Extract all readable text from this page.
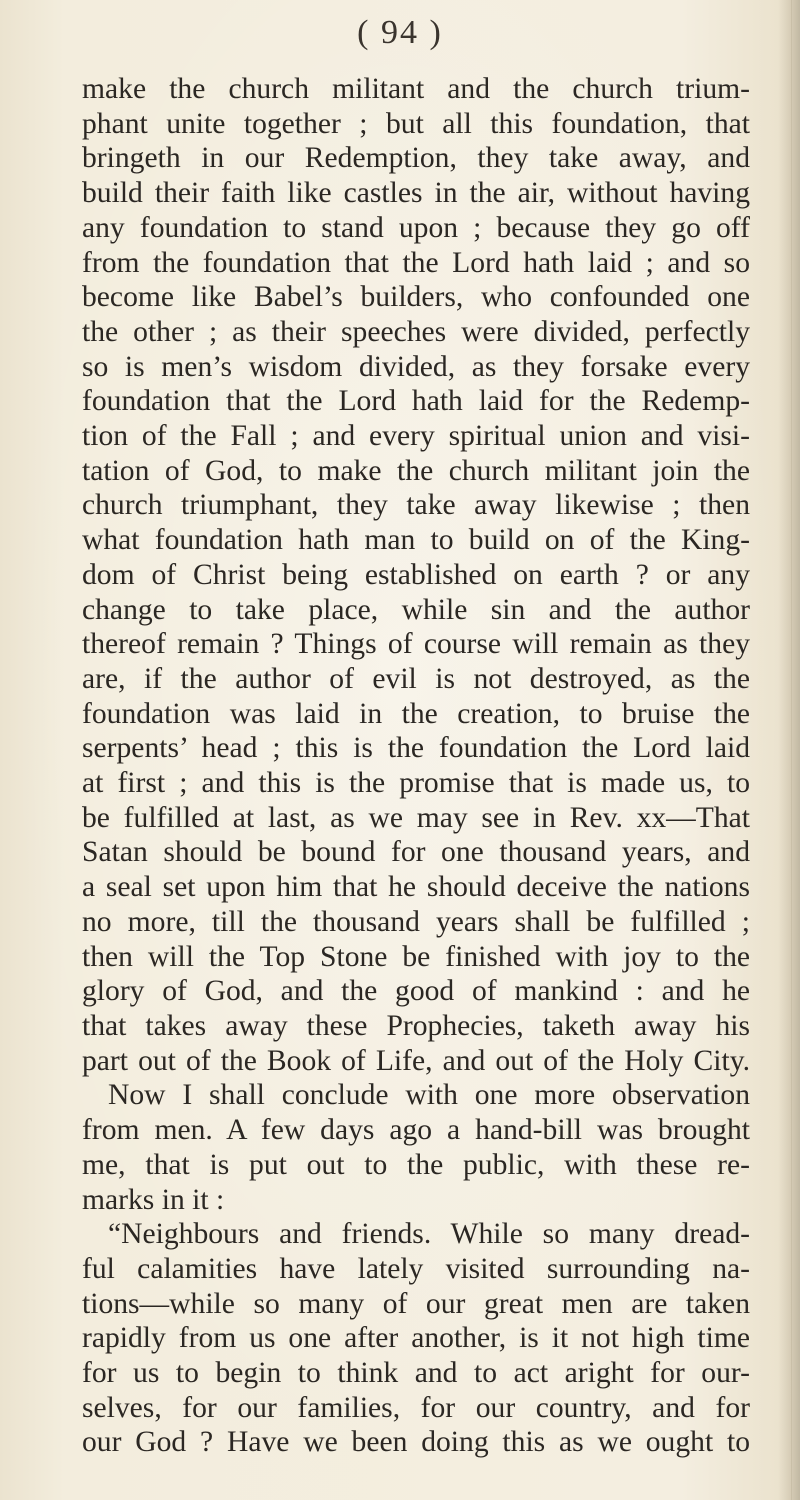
( 94 )
make the church militant and the church trium-
phant unite together ; but all this foundation, that
bringeth in our Redemption, they take away, and
build their faith like castles in the air, without having
any foundation to stand upon ; because they go off
from the foundation that the Lord hath laid ; and so
become like Babel’s builders, who confounded one
the other ; as their speeches were divided, perfectly
so is men’s wisdom divided, as they forsake every
foundation that the Lord hath laid for the Redemp-
tion of the Fall ; and every spiritual union and visi-
tation of God, to make the church militant join the
church triumphant, they take away likewise ; then
what foundation hath man to build on of the King-
dom of Christ being established on earth ? or any
change to take place, while sin and the author
thereof remain ? Things of course will remain as they
are, if the author of evil is not destroyed, as the
foundation was laid in the creation, to bruise the
serpents’ head ; this is the foundation the Lord laid
at first ; and this is the promise that is made us, to
be fulfilled at last, as we may see in Rev. xx—That
Satan should be bound for one thousand years, and
a seal set upon him that he should deceive the nations
no more, till the thousand years shall be fulfilled ;
then will the Top Stone be finished with joy to the
glory of God, and the good of mankind : and he
that takes away these Prophecies, taketh away his
part out of the Book of Life, and out of the Holy City.
Now I shall conclude with one more observation
from men. A few days ago a hand-bill was brought
me, that is put out to the public, with these re-
marks in it :
“Neighbours and friends. While so many dread-
ful calamities have lately visited surrounding na-
tions—while so many of our great men are taken
rapidly from us one after another, is it not high time
for us to begin to think and to act aright for our-
selves, for our families, for our country, and for
our God ? Have we been doing this as we ought to
